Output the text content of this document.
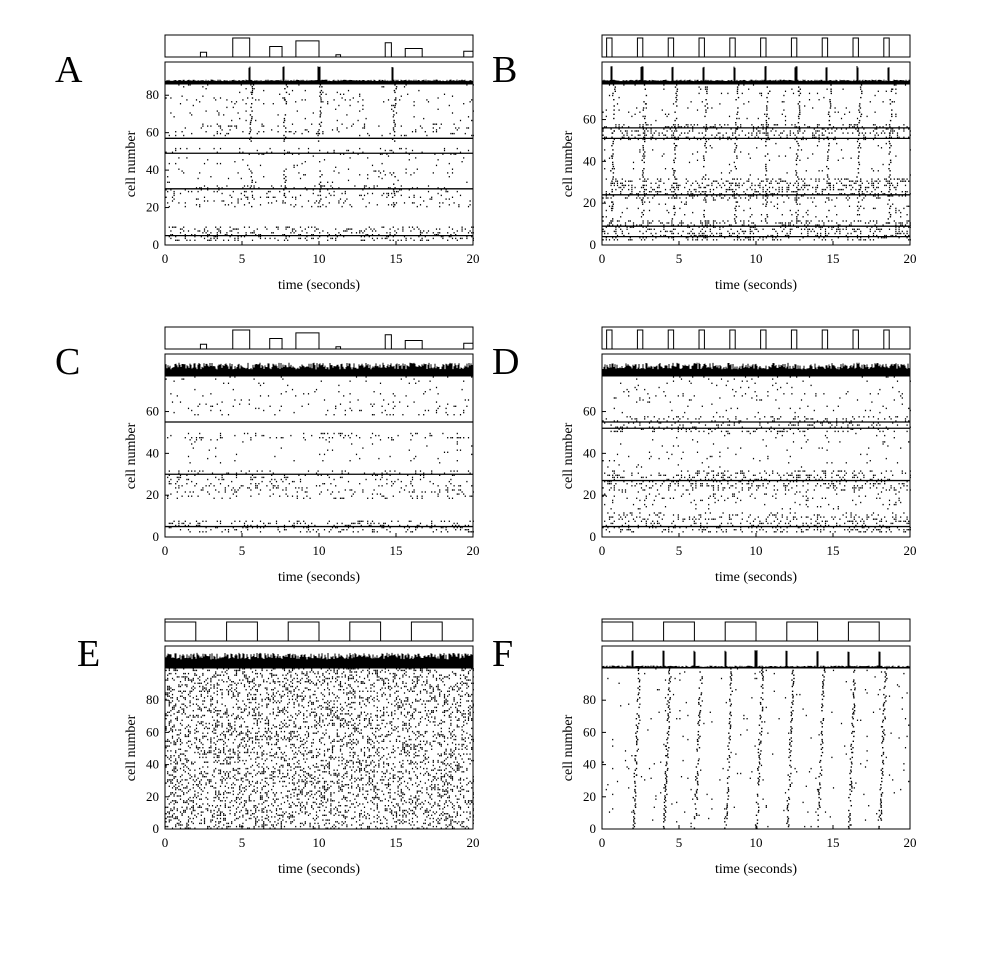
A
0	5	10	15	20
0
20
40
60
80
time (seconds)
cell number
B
0	5	10	15	20
0
20
40
60
time (seconds)
cell number
C
0	5	10	15	20
0
20
40
60
time (seconds)
cell number
D
0	5	10	15	20
0
20
40
60
time (seconds)
cell number
E
0	5	10	15	20
0
20
40
60
80
time (seconds)
cell number
F
0	5	10	15	20
0
20
40
60
80
time (seconds)
cell number
